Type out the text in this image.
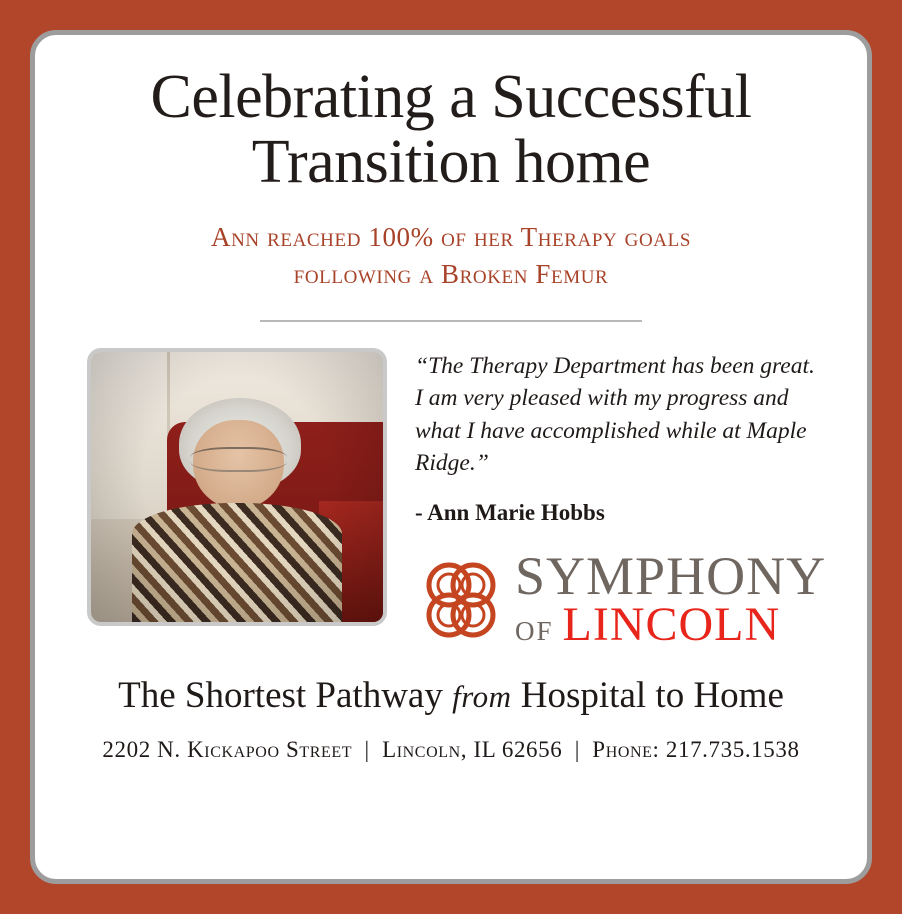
Celebrating a Successful
Transition home
Ann reached 100% of her Therapy goals
following a Broken Femur

“The Therapy Department has been great. I am very pleased with my progress and what I have accomplished while at Maple Ridge.”

- Ann Marie Hobbs
SYMPHONY
OF LINCOLN
The Shortest Pathway from Hospital to Home
2202 N. Kickapoo Street | Lincoln, IL 62656 | Phone: 217.735.1538
